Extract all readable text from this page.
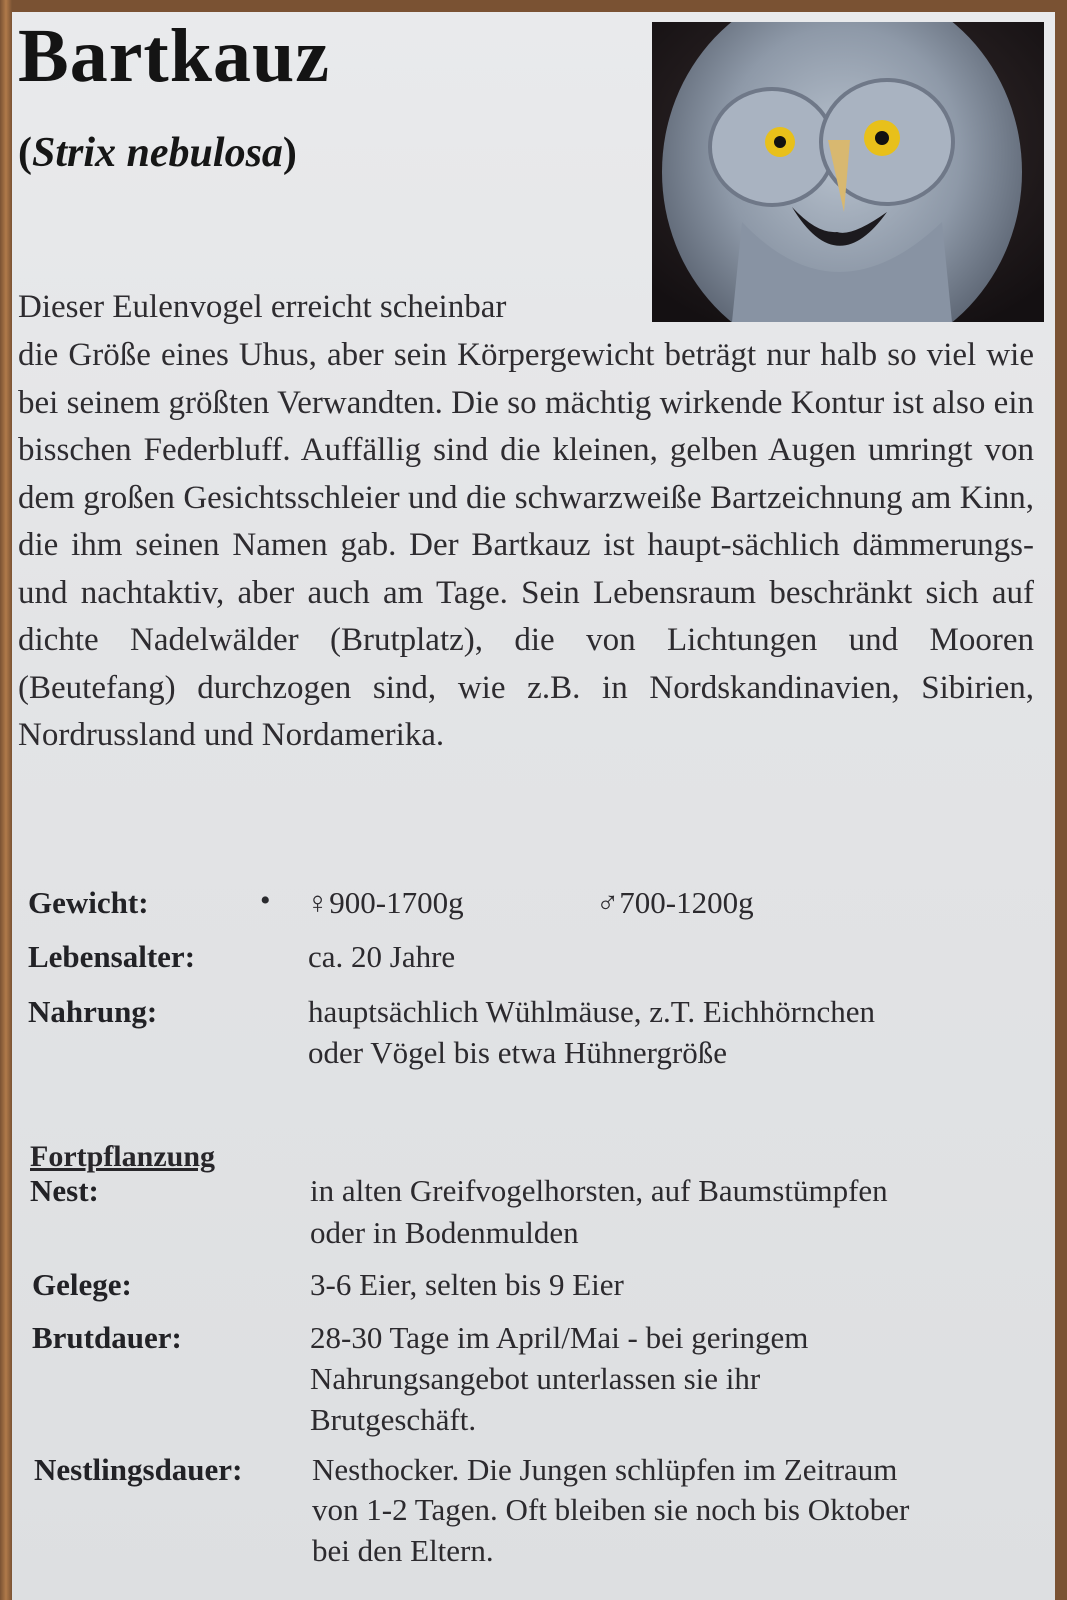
Bartkauz
(Strix nebulosa)

Dieser Eulenvogel erreicht scheinbar

die Größe eines Uhus, aber sein Körpergewicht beträgt nur halb so viel wie bei seinem größten Verwandten. Die so mächtig wirkende Kontur ist also ein bisschen Federbluff. Auffällig sind die kleinen, gelben Augen umringt von dem großen Gesichtsschleier und die schwarzweiße Bartzeichnung am Kinn, die ihm seinen Namen gab. Der Bartkauz ist haupt-sächlich dämmerungs- und nachtaktiv, aber auch am Tage. Sein Lebensraum beschränkt sich auf dichte Nadelwälder (Brutplatz), die von Lichtungen und Mooren (Beutefang) durchzogen sind, wie z.B. in Nordskandinavien, Sibirien, Nordrussland und Nordamerika.

Gewicht:	• ♀900-1700g	♂700-1200g
Lebensalter:	ca. 20 Jahre
Nahrung:	hauptsächlich Wühlmäuse, z.T. Eichhörnchen
oder Vögel bis etwa Hühnergröße
Fortpflanzung
Nest:	in alten Greifvogelhorsten, auf Baumstümpfen
oder in Bodenmulden
Gelege:	3-6 Eier, selten bis 9 Eier
Brutdauer:	28-30 Tage im April/Mai - bei geringem
Nahrungsangebot unterlassen sie ihr
Brutgeschäft.
Nestlingsdauer: Nesthocker. Die Jungen schlüpfen im Zeitraum
von 1-2 Tagen. Oft bleiben sie noch bis Oktober
bei den Eltern.
